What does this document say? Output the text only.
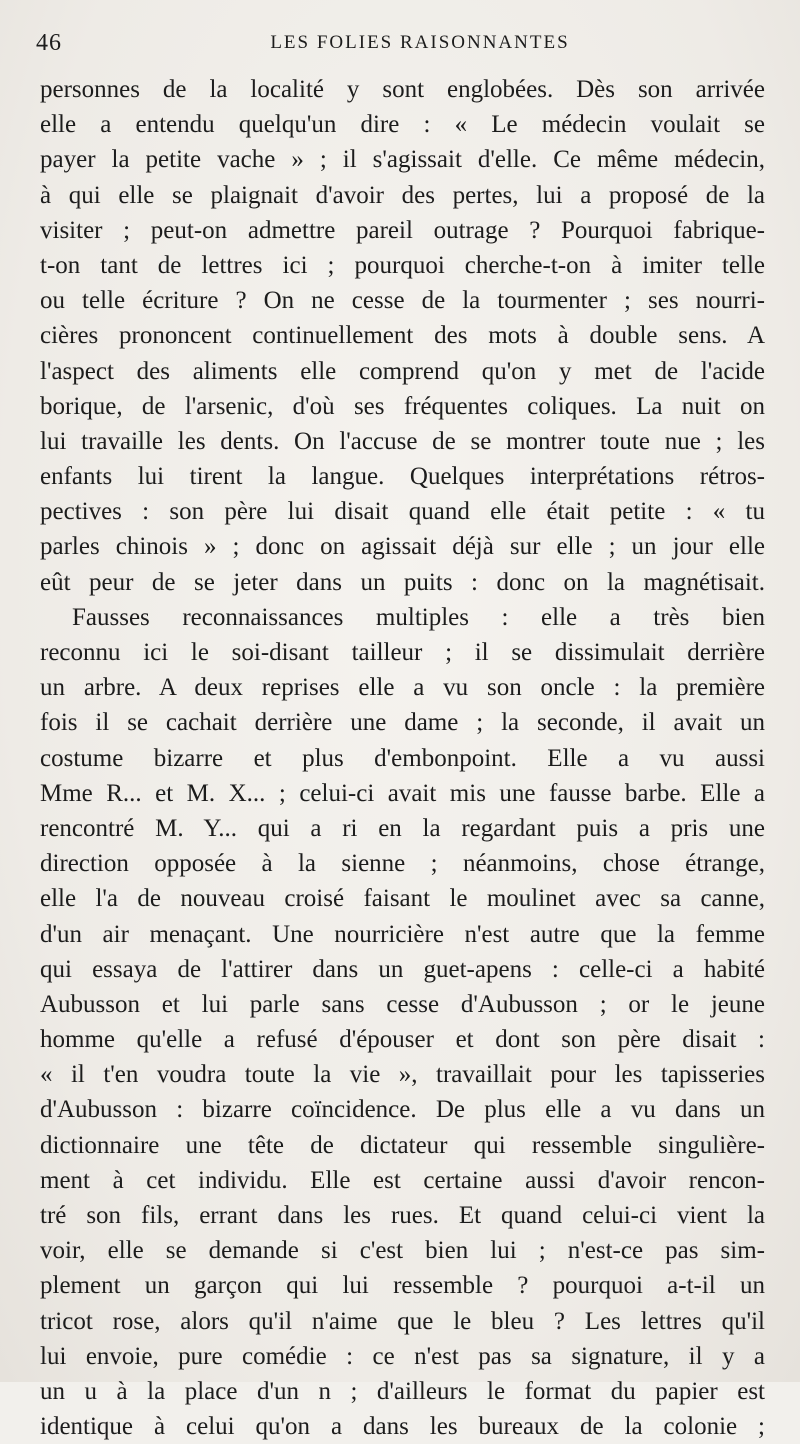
46	LES FOLIES RAISONNANTES
personnes de la localité y sont englobées. Dès son arrivée
elle a entendu quelqu'un dire : « Le médecin voulait se
payer la petite vache » ; il s'agissait d'elle. Ce même médecin,
à qui elle se plaignait d'avoir des pertes, lui a proposé de la
visiter ; peut-on admettre pareil outrage ? Pourquoi fabrique-
t-on tant de lettres ici ; pourquoi cherche-t-on à imiter telle
ou telle écriture ? On ne cesse de la tourmenter ; ses nourri-
cières prononcent continuellement des mots à double sens. A
l'aspect des aliments elle comprend qu'on y met de l'acide
borique, de l'arsenic, d'où ses fréquentes coliques. La nuit on
lui travaille les dents. On l'accuse de se montrer toute nue ; les
enfants lui tirent la langue. Quelques interprétations rétros-
pectives : son père lui disait quand elle était petite : « tu
parles chinois » ; donc on agissait déjà sur elle ; un jour elle
eût peur de se jeter dans un puits : donc on la magnétisait.
Fausses reconnaissances multiples : elle a très bien
reconnu ici le soi-disant tailleur ; il se dissimulait derrière
un arbre. A deux reprises elle a vu son oncle : la première
fois il se cachait derrière une dame ; la seconde, il avait un
costume bizarre et plus d'embonpoint. Elle a vu aussi
Mme R... et M. X... ; celui-ci avait mis une fausse barbe. Elle a
rencontré M. Y... qui a ri en la regardant puis a pris une
direction opposée à la sienne ; néanmoins, chose étrange,
elle l'a de nouveau croisé faisant le moulinet avec sa canne,
d'un air menaçant. Une nourricière n'est autre que la femme
qui essaya de l'attirer dans un guet-apens : celle-ci a habité
Aubusson et lui parle sans cesse d'Aubusson ; or le jeune
homme qu'elle a refusé d'épouser et dont son père disait :
« il t'en voudra toute la vie », travaillait pour les tapisseries
d'Aubusson : bizarre coïncidence. De plus elle a vu dans un
dictionnaire une tête de dictateur qui ressemble singulière-
ment à cet individu. Elle est certaine aussi d'avoir rencon-
tré son fils, errant dans les rues. Et quand celui-ci vient la
voir, elle se demande si c'est bien lui ; n'est-ce pas sim-
plement un garçon qui lui ressemble ? pourquoi a-t-il un
tricot rose, alors qu'il n'aime que le bleu ? Les lettres qu'il
lui envoie, pure comédie : ce n'est pas sa signature, il y a
un u à la place d'un n ; d'ailleurs le format du papier est
identique à celui qu'on a dans les bureaux de la colonie ;
